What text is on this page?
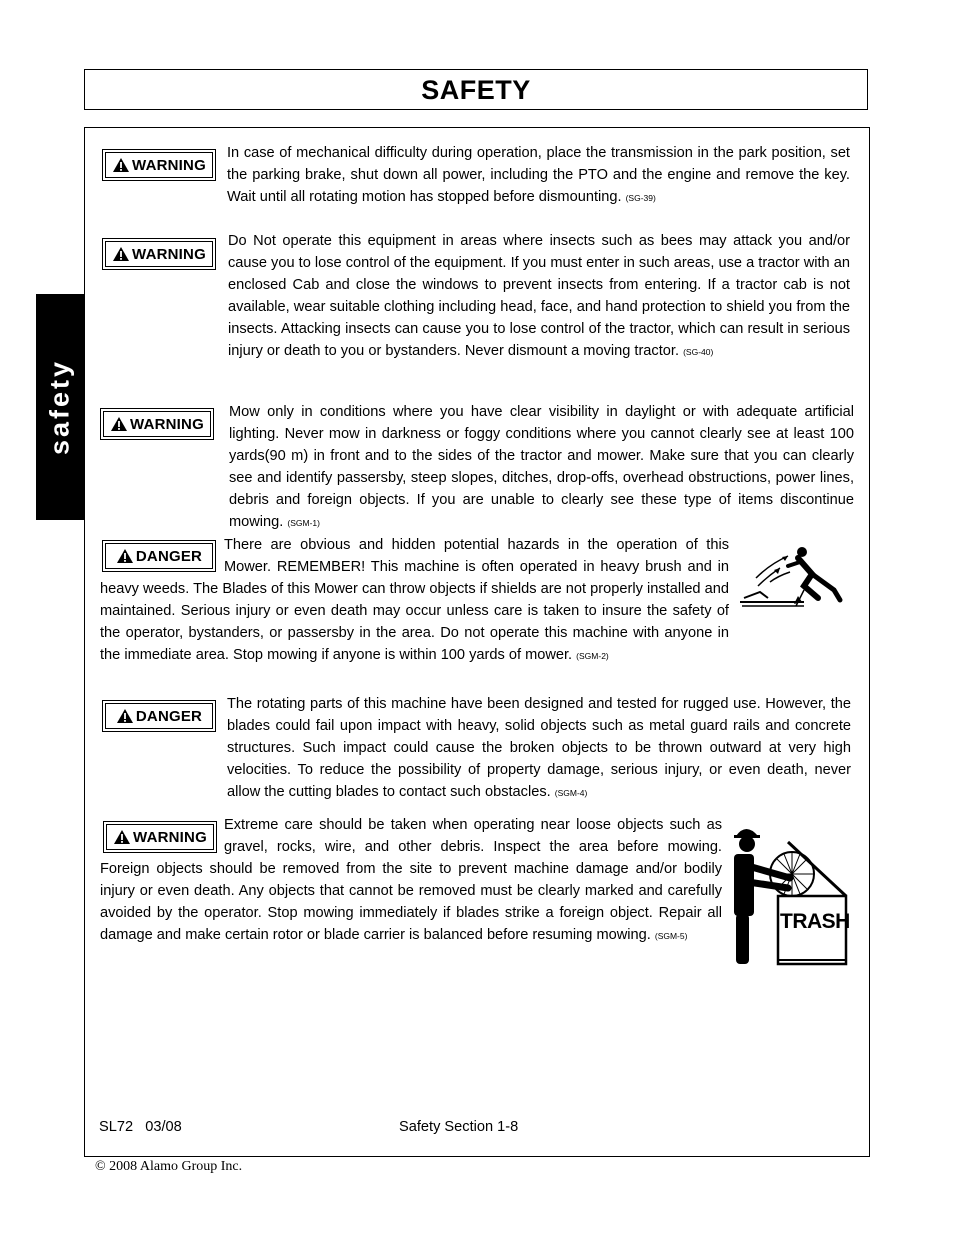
SAFETY
safety
WARNING

In case of mechanical difficulty during operation, place the transmission in the park position, set the parking brake, shut down all power, including the PTO and the engine and remove the key. Wait until all rotating motion has stopped before dismounting. (SG-39)

WARNING

Do Not operate this equipment in areas where insects such as bees may attack you and/or cause you to lose control of the equipment. If you must enter in such areas, use a tractor with an enclosed Cab and close the windows to prevent insects from entering. If a tractor cab is not available, wear suitable clothing including head, face, and hand protection to shield you from the insects. Attacking insects can cause you to lose control of the tractor, which can result in serious injury or death to you or bystanders. Never dismount a moving tractor. (SG-40)

WARNING

Mow only in conditions where you have clear visibility in daylight or with adequate artificial lighting. Never mow in darkness or foggy conditions where you cannot clearly see at least 100 yards(90 m) in front and to the sides of the tractor and mower. Make sure that you can clearly see and identify passersby, steep slopes, ditches, drop-offs, overhead obstructions, power lines, debris and foreign objects. If you are unable to clearly see these type of items discontinue mowing. (SGM-1)

DANGER

There are obvious and hidden potential hazards in the operation of this Mower. REMEMBER! This machine is often operated in heavy brush and in heavy weeds. The Blades of this Mower can throw objects if shields are not properly installed and maintained. Serious injury or even death may occur unless care is taken to insure the safety of the operator, bystanders, or passersby in the area. Do not operate this machine with anyone in the immediate area. Stop mowing if anyone is within 100 yards of mower. (SGM-2)

DANGER

The rotating parts of this machine have been designed and tested for rugged use. However, the blades could fail upon impact with heavy, solid objects such as metal guard rails and concrete structures. Such impact could cause the broken objects to be thrown outward at very high velocities. To reduce the possibility of property damage, serious injury, or even death, never allow the cutting blades to contact such obstacles. (SGM-4)

WARNING

Extreme care should be taken when operating near loose objects such as gravel, rocks, wire, and other debris. Inspect the area before mowing. Foreign objects should be removed from the site to prevent machine damage and/or bodily injury or even death. Any objects that cannot be removed must be clearly marked and carefully avoided by the operator. Stop mowing immediately if blades strike a foreign object. Repair all damage and make certain rotor or blade carrier is balanced before resuming mowing. (SGM-5)

TRASH
SL72   03/08	Safety Section 1-8
© 2008 Alamo Group Inc.
